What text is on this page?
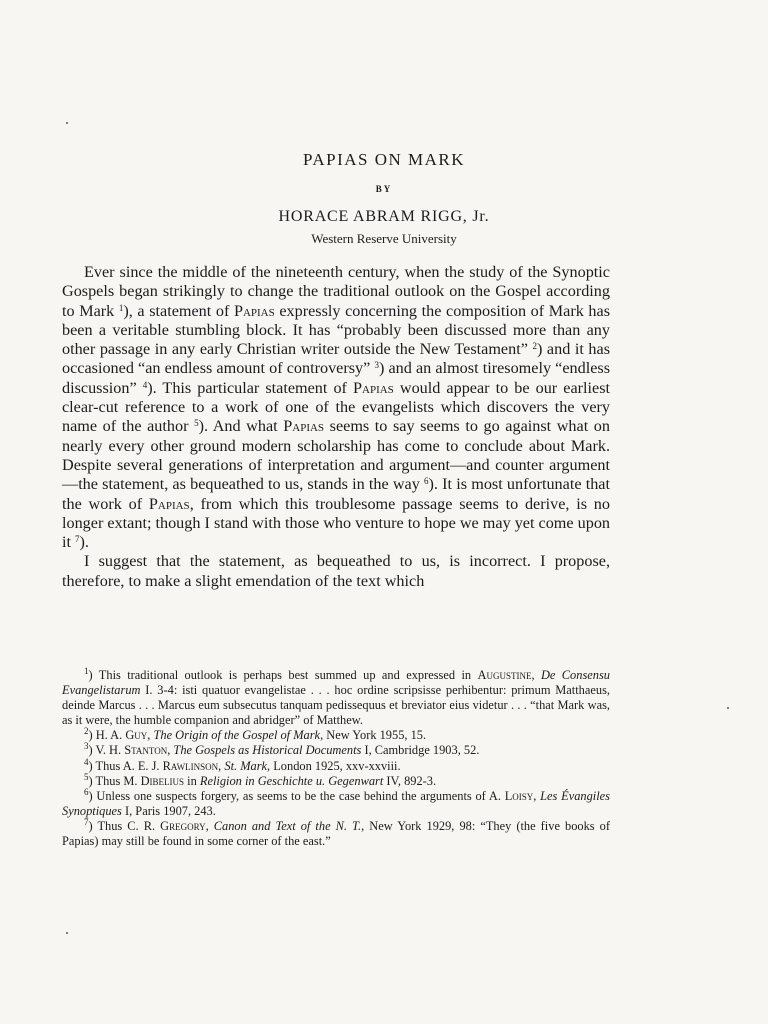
PAPIAS ON MARK
BY
HORACE ABRAM RIGG, Jr.
Western Reserve University

Ever since the middle of the nineteenth century, when the study of the Synoptic Gospels began strikingly to change the traditional outlook on the Gospel according to Mark $^1$), a statement of Papias expressly concerning the composition of Mark has been a veritable stumbling block. It has “probably been discussed more than any other passage in any early Christian writer outside the New Testament” $^2$) and it has occasioned “an endless amount of controversy” $^3$) and an almost tiresomely “endless discussion” $^4$). This particular statement of Papias would appear to be our earliest clear-cut reference to a work of one of the evangelists which discovers the very name of the author $^5$). And what Papias seems to say seems to go against what on nearly every other ground modern scholarship has come to conclude about Mark. Despite several generations of interpretation and argument—and counter argument—the statement, as bequeathed to us, stands in the way $^6$). It is most unfortunate that the work of Papias, from which this troublesome passage seems to derive, is no longer extant; though I stand with those who venture to hope we may yet come upon it $^7$).

I suggest that the statement, as bequeathed to us, is incorrect. I propose, therefore, to make a slight emendation of the text which

$^1$) This traditional outlook is perhaps best summed up and expressed in Augustine, De Consensu Evangelistarum I. 3-4: isti quatuor evangelistae . . . hoc ordine scripsisse perhibentur: primum Matthaeus, deinde Marcus . . . Marcus eum subsecutus tanquam pedissequus et breviator eius videtur . . . “that Mark was, as it were, the humble companion and abridger” of Matthew.

$^2$) H. A. Guy, The Origin of the Gospel of Mark, New York 1955, 15.

$^3$) V. H. Stanton, The Gospels as Historical Documents I, Cambridge 1903, 52.

$^4$) Thus A. E. J. Rawlinson, St. Mark, London 1925, xxv-xxviii.

$^5$) Thus M. Dibelius in Religion in Geschichte u. Gegenwart IV, 892-3.

$^6$) Unless one suspects forgery, as seems to be the case behind the arguments of A. Loisy, Les Évangiles Synoptiques I, Paris 1907, 243.

$^7$) Thus C. R. Gregory, Canon and Text of the N. T., New York 1929, 98: “They (the five books of Papias) may still be found in some corner of the east.”
